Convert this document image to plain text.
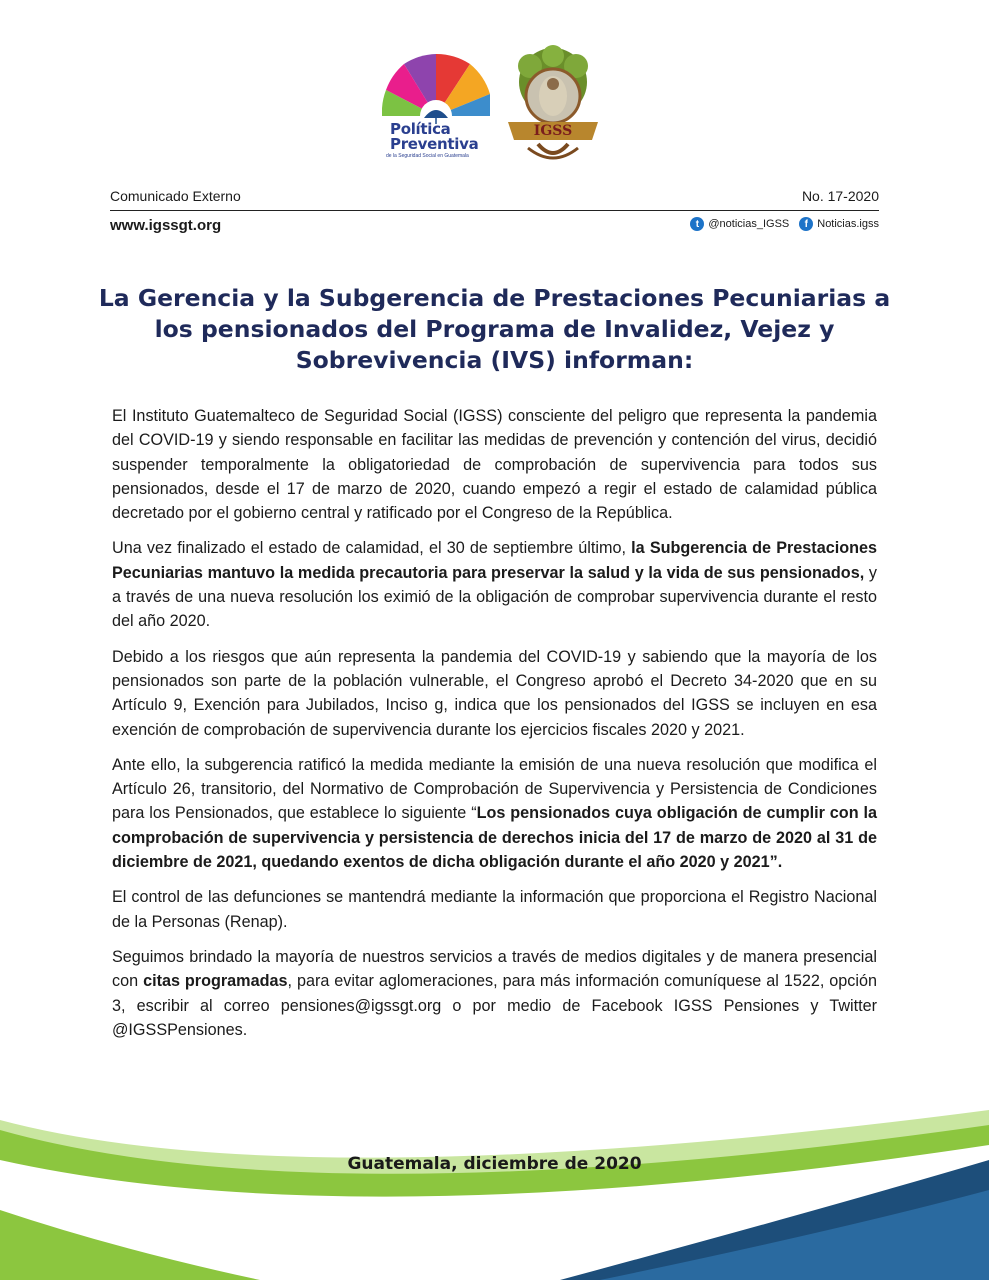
Política
Preventiva
de la Seguridad Social en Guatemala
IGSS
Comunicado Externo	No. 17-2020
www.igssgt.org	t @noticias_IGSS	f Noticias.igss
La Gerencia y la Subgerencia de Prestaciones Pecuniarias a los pensionados del Programa de Invalidez, Vejez y Sobrevivencia (IVS) informan:

El Instituto Guatemalteco de Seguridad Social (IGSS) consciente del peligro que representa la pandemia del COVID-19 y siendo responsable en facilitar las medidas de prevención y contención del virus, decidió suspender temporalmente la obligatoriedad de comprobación de supervivencia para todos sus pensionados, desde el 17 de marzo de 2020, cuando empezó a regir el estado de calamidad pública decretado por el gobierno central y ratificado por el Congreso de la República.

Una vez finalizado el estado de calamidad, el 30 de septiembre último, la Subgerencia de Prestaciones Pecuniarias mantuvo la medida precautoria para preservar la salud y la vida de sus pensionados, y a través de una nueva resolución los eximió de la obligación de comprobar supervivencia durante el resto del año 2020.

Debido a los riesgos que aún representa la pandemia del COVID-19 y sabiendo que la mayoría de los pensionados son parte de la población vulnerable, el Congreso aprobó el Decreto 34-2020 que en su Artículo 9, Exención para Jubilados, Inciso g, indica que los pensionados del IGSS se incluyen en esa exención de comprobación de supervivencia durante los ejercicios fiscales 2020 y 2021.

Ante ello, la subgerencia ratificó la medida mediante la emisión de una nueva resolución que modifica el Artículo 26, transitorio, del Normativo de Comprobación de Supervivencia y Persistencia de Condiciones para los Pensionados, que establece lo siguiente “Los pensionados cuya obligación de cumplir con la comprobación de supervivencia y persistencia de derechos inicia del 17 de marzo de 2020 al 31 de diciembre de 2021, quedando exentos de dicha obligación durante el año 2020 y 2021”.

El control de las defunciones se mantendrá mediante la información que proporciona el Registro Nacional de la Personas (Renap).

Seguimos brindado la mayoría de nuestros servicios a través de medios digitales y de manera presencial con citas programadas, para evitar aglomeraciones, para más información comuníquese al 1522, opción 3, escribir al correo pensiones@igssgt.org o por medio de Facebook IGSS Pensiones y Twitter @IGSSPensiones.

Guatemala, diciembre de 2020
